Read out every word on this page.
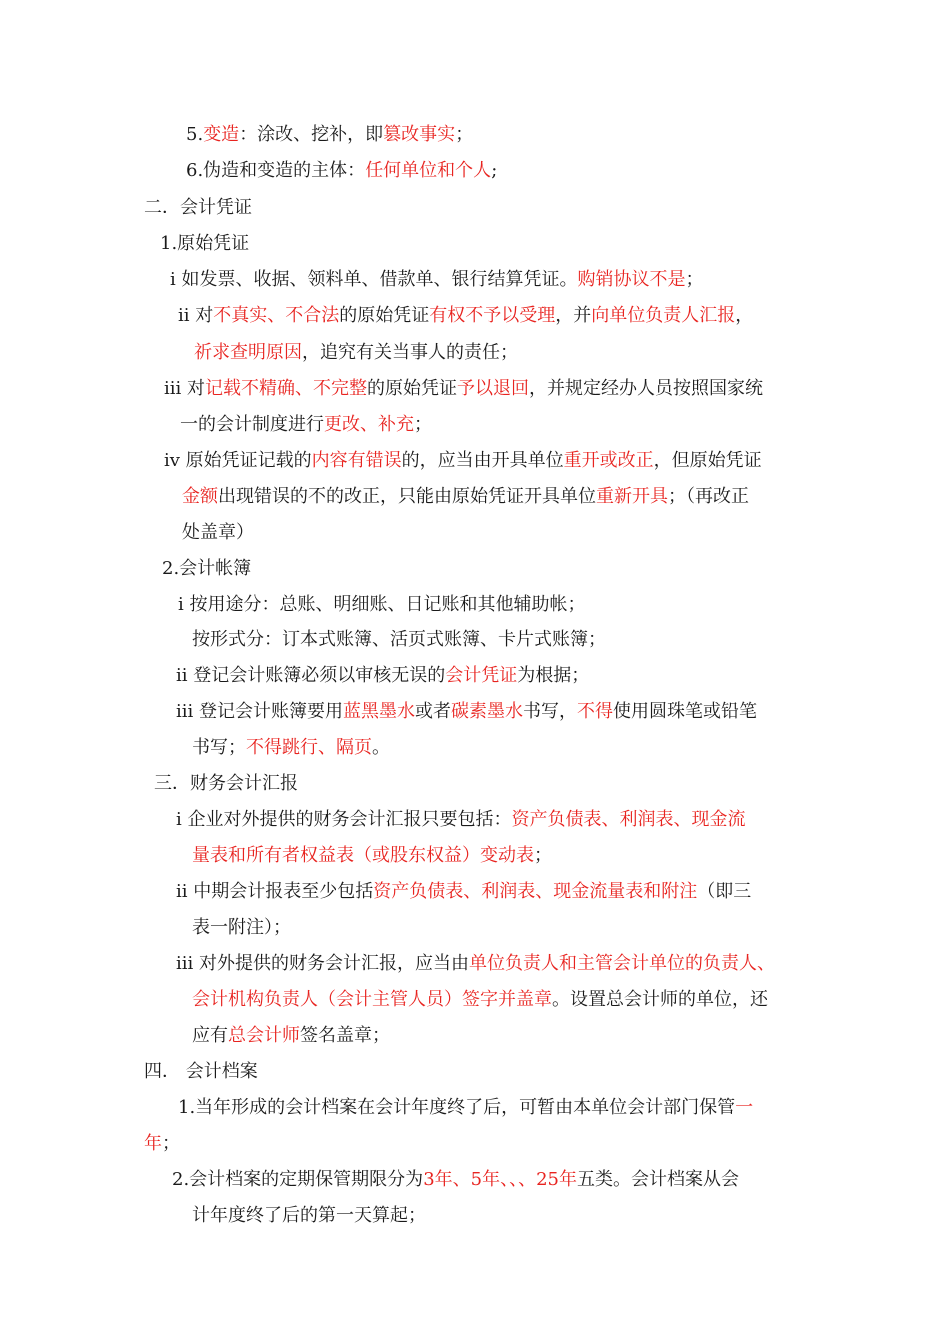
5.变造：涂改、挖补，即篡改事实；
6.伪造和变造的主体：任何单位和个人;
二．会计凭证
1.原始凭证
ⅰ 如发票、收据、领料单、借款单、银行结算凭证。购销协议不是；
ⅱ 对不真实、不合法的原始凭证有权不予以受理，并向单位负责人汇报，
祈求查明原因，追究有关当事人的责任；
ⅲ 对记载不精确、不完整的原始凭证予以退回，并规定经办人员按照国家统
一的会计制度进行更改、补充；
ⅳ 原始凭证记载的内容有错误的，应当由开具单位重开或改正，但原始凭证
金额出现错误的不的改正，只能由原始凭证开具单位重新开具；（再改正
处盖章）
2.会计帐簿
ⅰ 按用途分：总账、明细账、日记账和其他辅助帐；
按形式分：订本式账簿、活页式账簿、卡片式账簿；
ⅱ 登记会计账簿必须以审核无误的会计凭证为根据；
ⅲ 登记会计账簿要用蓝黑墨水或者碳素墨水书写，不得使用圆珠笔或铅笔
书写；不得跳行、隔页。
三．财务会计汇报
ⅰ 企业对外提供的财务会计汇报只要包括：资产负债表、利润表、现金流
量表和所有者权益表（或股东权益）变动表；
ⅱ 中期会计报表至少包括资产负债表、利润表、现金流量表和附注（即三
表一附注）；
ⅲ 对外提供的财务会计汇报，应当由单位负责人和主管会计单位的负责人、
会计机构负责人（会计主管人员）签字并盖章。设置总会计师的单位，还
应有总会计师签名盖章；
四． 会计档案
1.当年形成的会计档案在会计年度终了后，可暂由本单位会计部门保管一
年；
2.会计档案的定期保管期限分为3年、5年、、、25年五类。会计档案从会
计年度终了后的第一天算起；
